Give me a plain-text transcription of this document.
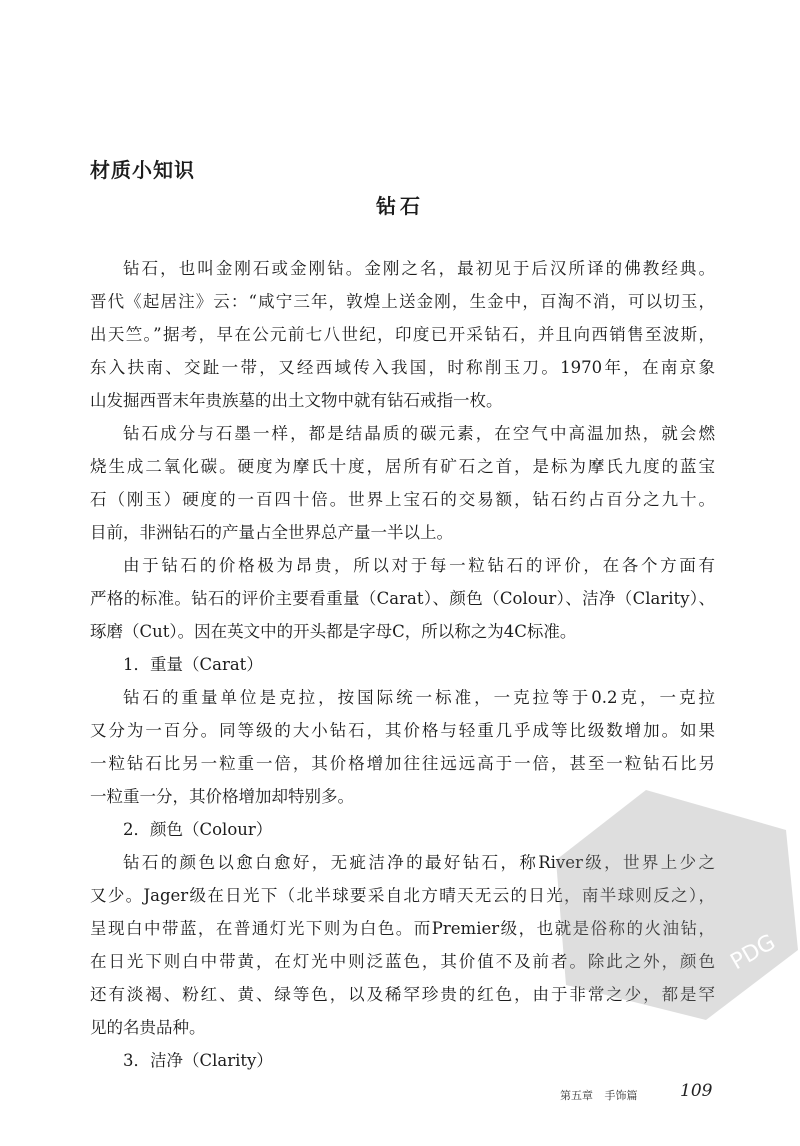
材质小知识
钻石
钻石，也叫金刚石或金刚钻。金刚之名，最初见于后汉所译的佛教经典。
晋代《起居注》云：“咸宁三年，敦煌上送金刚，生金中，百淘不消，可以切玉，
出天竺。”据考，早在公元前七八世纪，印度已开采钻石，并且向西销售至波斯，
东入扶南、交趾一带，又经西域传入我国，时称削玉刀。1970年，在南京象
山发掘西晋末年贵族墓的出土文物中就有钻石戒指一枚。
钻石成分与石墨一样，都是结晶质的碳元素，在空气中高温加热，就会燃
烧生成二氧化碳。硬度为摩氏十度，居所有矿石之首，是标为摩氏九度的蓝宝
石（刚玉）硬度的一百四十倍。世界上宝石的交易额，钻石约占百分之九十。
目前，非洲钻石的产量占全世界总产量一半以上。
由于钻石的价格极为昂贵，所以对于每一粒钻石的评价，在各个方面有
严格的标准。钻石的评价主要看重量（Carat）、颜色（Colour）、洁净（Clarity）、
琢磨（Cut）。因在英文中的开头都是字母C，所以称之为4C标准。
1．重量（Carat）
钻石的重量单位是克拉，按国际统一标准，一克拉等于0.2克，一克拉
又分为一百分。同等级的大小钻石，其价格与轻重几乎成等比级数增加。如果
一粒钻石比另一粒重一倍，其价格增加往往远远高于一倍，甚至一粒钻石比另
一粒重一分，其价格增加却特别多。
2．颜色（Colour）
钻石的颜色以愈白愈好，无疵洁净的最好钻石，称River级，世界上少之
又少。Jager级在日光下（北半球要采自北方晴天无云的日光，南半球则反之），
呈现白中带蓝，在普通灯光下则为白色。而Premier级，也就是俗称的火油钻，
在日光下则白中带黄，在灯光中则泛蓝色，其价值不及前者。除此之外，颜色
还有淡褐、粉红、黄、绿等色，以及稀罕珍贵的红色，由于非常之少，都是罕
见的名贵品种。
3．洁净（Clarity）
PDG
第五章 手饰篇	109
